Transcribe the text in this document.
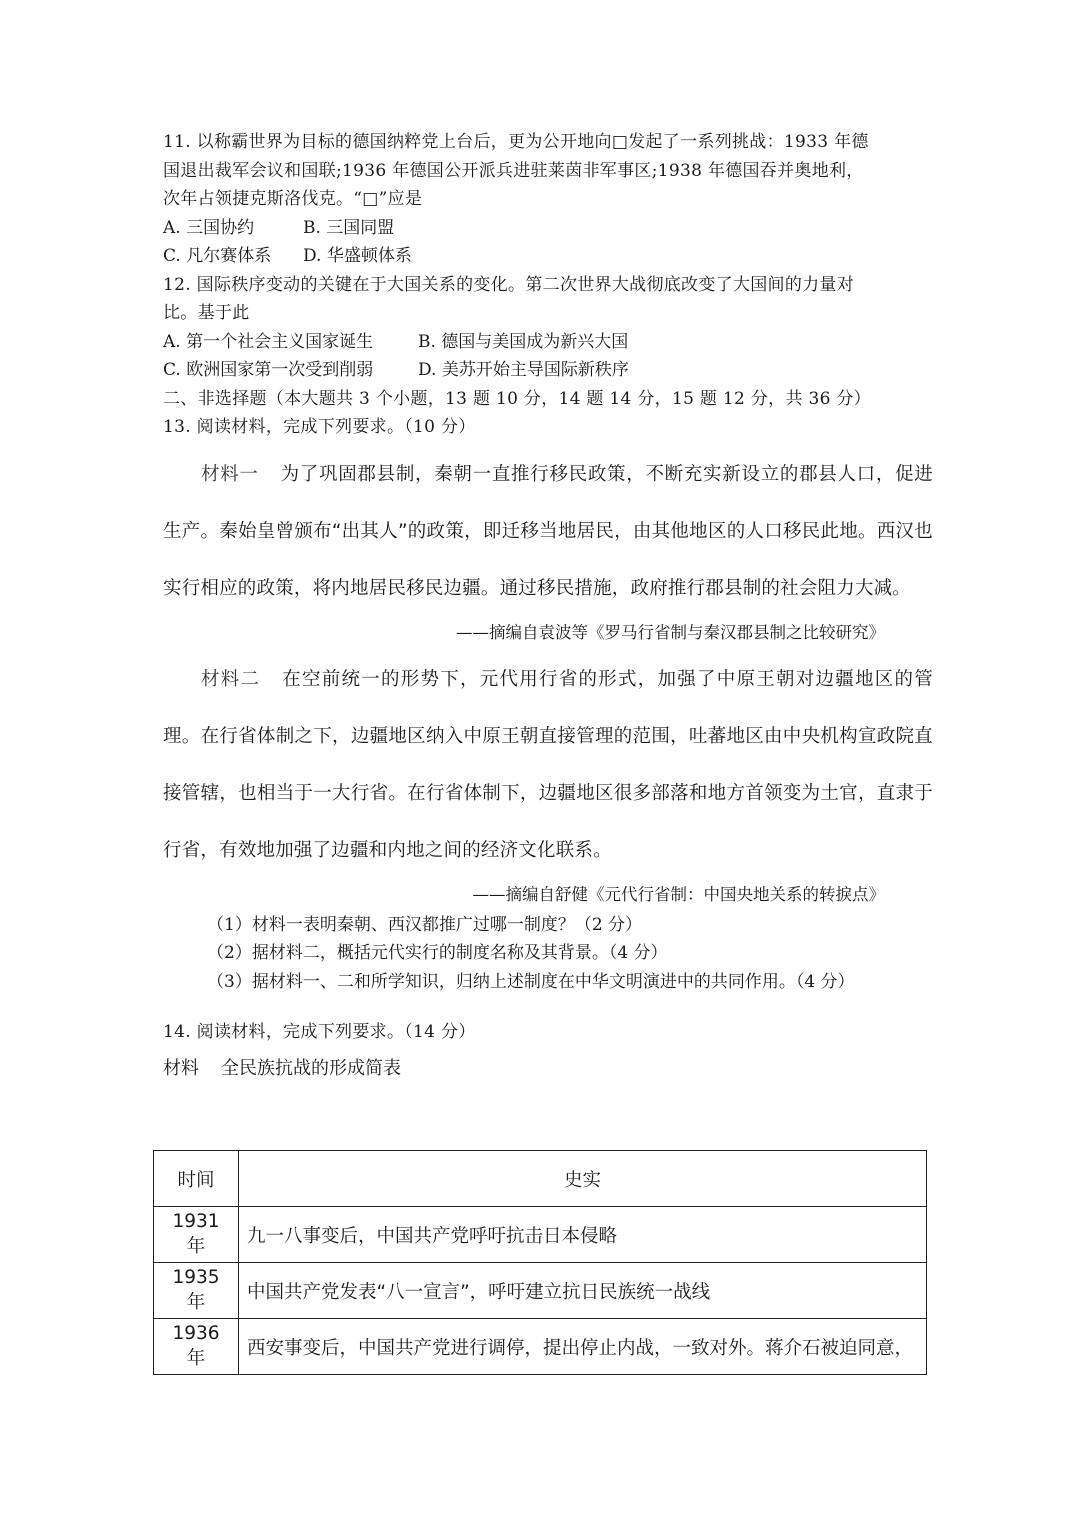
11. 以称霸世界为目标的德国纳粹党上台后，更为公开地向□发起了一系列挑战：1933 年德

国退出裁军会议和国联;1936 年德国公开派兵进驻莱茵非军事区;1938 年德国吞并奥地利，

次年占领捷克斯洛伐克。“□”应是

A. 三国协约	B. 三国同盟
C. 凡尔赛体系	D. 华盛顿体系

12. 国际秩序变动的关键在于大国关系的变化。第二次世界大战彻底改变了大国间的力量对

比。基于此

A. 第一个社会主义国家诞生	B. 德国与美国成为新兴大国
C. 欧洲国家第一次受到削弱	D. 美苏开始主导国际新秩序

二、非选择题（本大题共 3 个小题，13 题 10 分，14 题 14 分，15 题 12 分，共 36 分）

13. 阅读材料，完成下列要求。（10 分）

材料一 为了巩固郡县制，秦朝一直推行移民政策，不断充实新设立的郡县人口，促进生产。秦始皇曾颁布“出其人”的政策，即迁移当地居民，由其他地区的人口移民此地。西汉也实行相应的政策，将内地居民移民边疆。通过移民措施，政府推行郡县制的社会阻力大减。

——摘编自袁波等《罗马行省制与秦汉郡县制之比较研究》

材料二 在空前统一的形势下，元代用行省的形式，加强了中原王朝对边疆地区的管理。在行省体制之下，边疆地区纳入中原王朝直接管理的范围，吐蕃地区由中央机构宣政院直接管辖，也相当于一大行省。在行省体制下，边疆地区很多部落和地方首领变为土官，直隶于行省，有效地加强了边疆和内地之间的经济文化联系。

——摘编自舒健《元代行省制：中国央地关系的转捩点》

（1）材料一表明秦朝、西汉都推广过哪一制度？（2 分）

（2）据材料二，概括元代实行的制度名称及其背景。（4 分）

（3）据材料一、二和所学知识，归纳上述制度在中华文明演进中的共同作用。（4 分）

14. 阅读材料，完成下列要求。（14 分）

材料 全民族抗战的形成简表

时间	史实
1931 年	九一八事变后，中国共产党呼吁抗击日本侵略
1935 年	中国共产党发表“八一宣言”，呼吁建立抗日民族统一战线
1936 年	西安事变后，中国共产党进行调停，提出停止内战，一致对外。蒋介石被迫同意，
